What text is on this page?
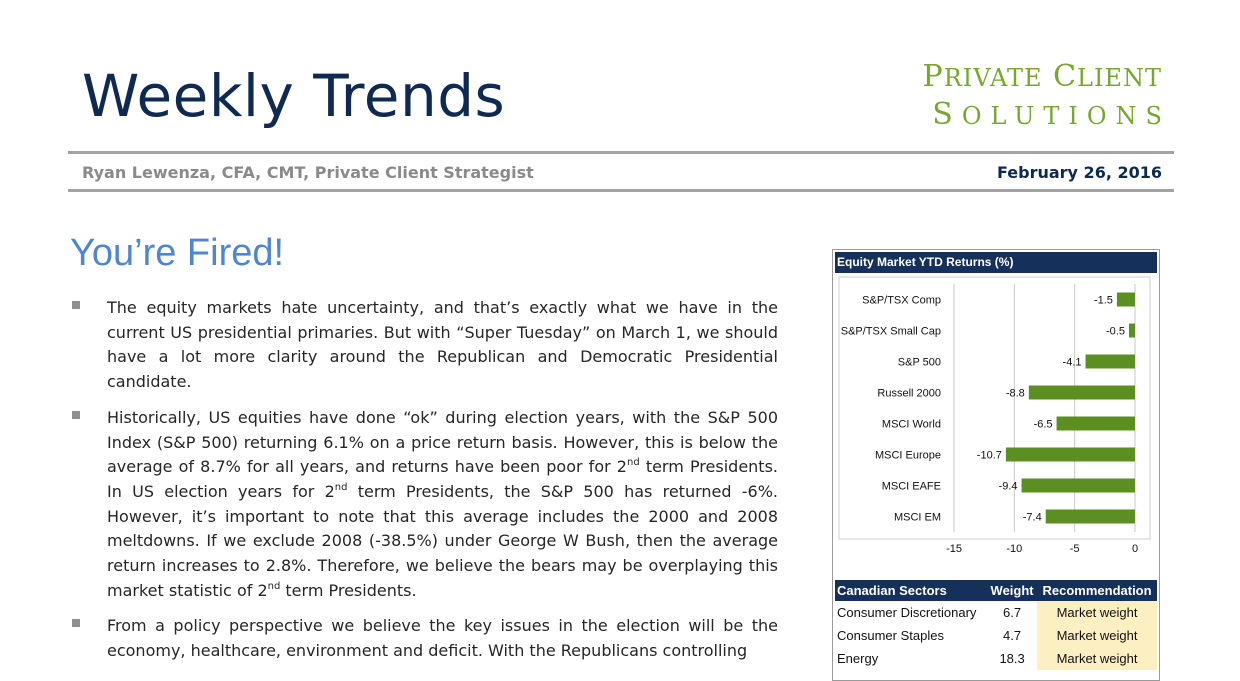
Weekly Trends	PRIVATE CLIENT
SOLUTIONS
Ryan Lewenza, CFA, CMT, Private Client Strategist	February 26, 2016
You’re Fired!
The equity markets hate uncertainty, and that’s exactly what we have in the current US presidential primaries. But with “Super Tuesday” on March 1, we should have a lot more clarity around the Republican and Democratic Presidential candidate.
Historically, US equities have done “ok” during election years, with the S&P 500 Index (S&P 500) returning 6.1% on a price return basis. However, this is below the average of 8.7% for all years, and returns have been poor for 2nd term Presidents. In US election years for 2nd term Presidents, the S&P 500 has returned -6%. However, it’s important to note that this average includes the 2000 and 2008 meltdowns. If we exclude 2008 (-38.5%) under George W Bush, then the average return increases to 2.8%. Therefore, we believe the bears may be overplaying this market statistic of 2nd term Presidents.
From a policy perspective we believe the key issues in the election will be the economy, healthcare, environment and deficit. With the Republicans controlling
Equity Market YTD Returns (%)
-15	-10	-5	0
S&P/TSX Comp	-1.5
S&P/TSX Small Cap	-0.5
S&P 500	-4.1
Russell 2000	-8.8
MSCI World	-6.5
MSCI Europe	-10.7
MSCI EAFE	-9.4
MSCI EM	-7.4
Canadian Sectors	Weight	Recommendation
Consumer Discretionary	6.7	Market weight
Consumer Staples	4.7	Market weight
Energy	18.3	Market weight
